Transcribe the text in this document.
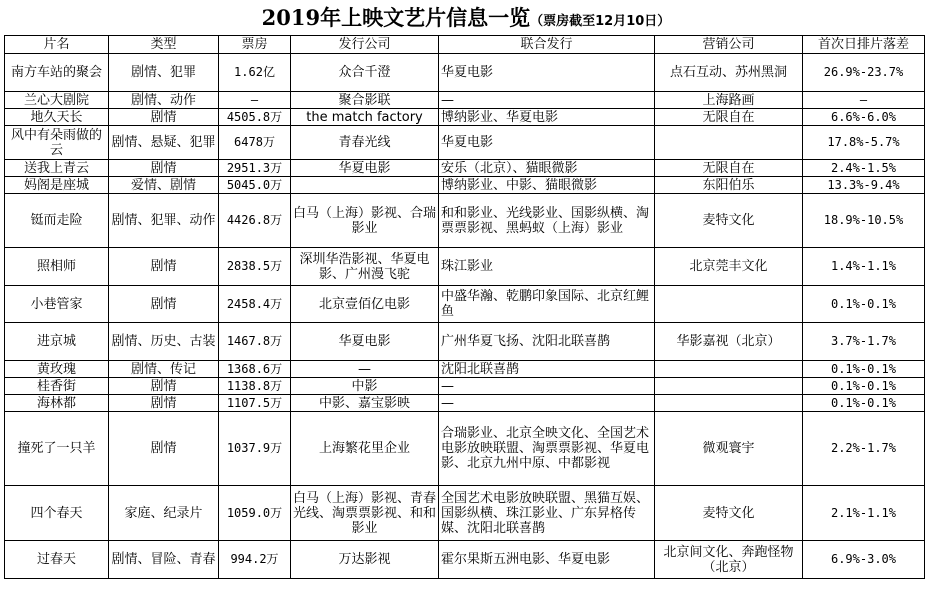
2019年上映文艺片信息一览（票房截至12月10日）
片名	类型	票房	发行公司	联合发行	营销公司	首次日排片落差
南方车站的聚会	剧情、犯罪	1.62亿	众合千澄	华夏电影	点石互动、苏州黑洞	26.9%-23.7%
兰心大剧院	剧情、动作	—	聚合影联	—	上海路画	—
地久天长	剧情	4505.8万	the match factory	博纳影业、华夏电影	无限自在	6.6%-6.0%
风中有朵雨做的云	剧情、悬疑、犯罪	6478万	青春光线	华夏电影		17.8%-5.7%
送我上青云	剧情	2951.3万	华夏电影	安乐（北京）、猫眼微影	无限自在	2.4%-1.5%
妈阁是座城	爱情、剧情	5045.0万		博纳影业、中影、猫眼微影	东阳伯乐	13.3%-9.4%
铤而走险	剧情、犯罪、动作	4426.8万	白马（上海）影视、合瑞影业	和和影业、光线影业、国影纵横、淘票票影视、黑蚂蚁（上海）影业	麦特文化	18.9%-10.5%
照相师	剧情	2838.5万	深圳华浩影视、华夏电影、广州漫飞驼	珠江影业	北京莞丰文化	1.4%-1.1%
小巷管家	剧情	2458.4万	北京壹佰亿电影	中盛华瀚、乾鹏印象国际、北京红鲤鱼		0.1%-0.1%
进京城	剧情、历史、古装	1467.8万	华夏电影	广州华夏飞扬、沈阳北联喜鹊	华影嘉视（北京）	3.7%-1.7%
黄玫瑰	剧情、传记	1368.6万	—	沈阳北联喜鹊		0.1%-0.1%
桂香街	剧情	1138.8万	中影	—		0.1%-0.1%
海林都	剧情	1107.5万	中影、嘉宝影映	—		0.1%-0.1%
撞死了一只羊	剧情	1037.9万	上海繁花里企业	合瑞影业、北京全映文化、全国艺术电影放映联盟、淘票票影视、华夏电影、北京九州中原、中都影视	微观寰宇	2.2%-1.7%
四个春天	家庭、纪录片	1059.0万	白马（上海）影视、青春光线、淘票票影视、和和影业	全国艺术电影放映联盟、黑猫互娱、国影纵横、珠江影业、广东昇格传媒、沈阳北联喜鹊	麦特文化	2.1%-1.1%
过春天	剧情、冒险、青春	994.2万	万达影视	霍尔果斯五洲电影、华夏电影	北京间文化、奔跑怪物（北京）	6.9%-3.0%
